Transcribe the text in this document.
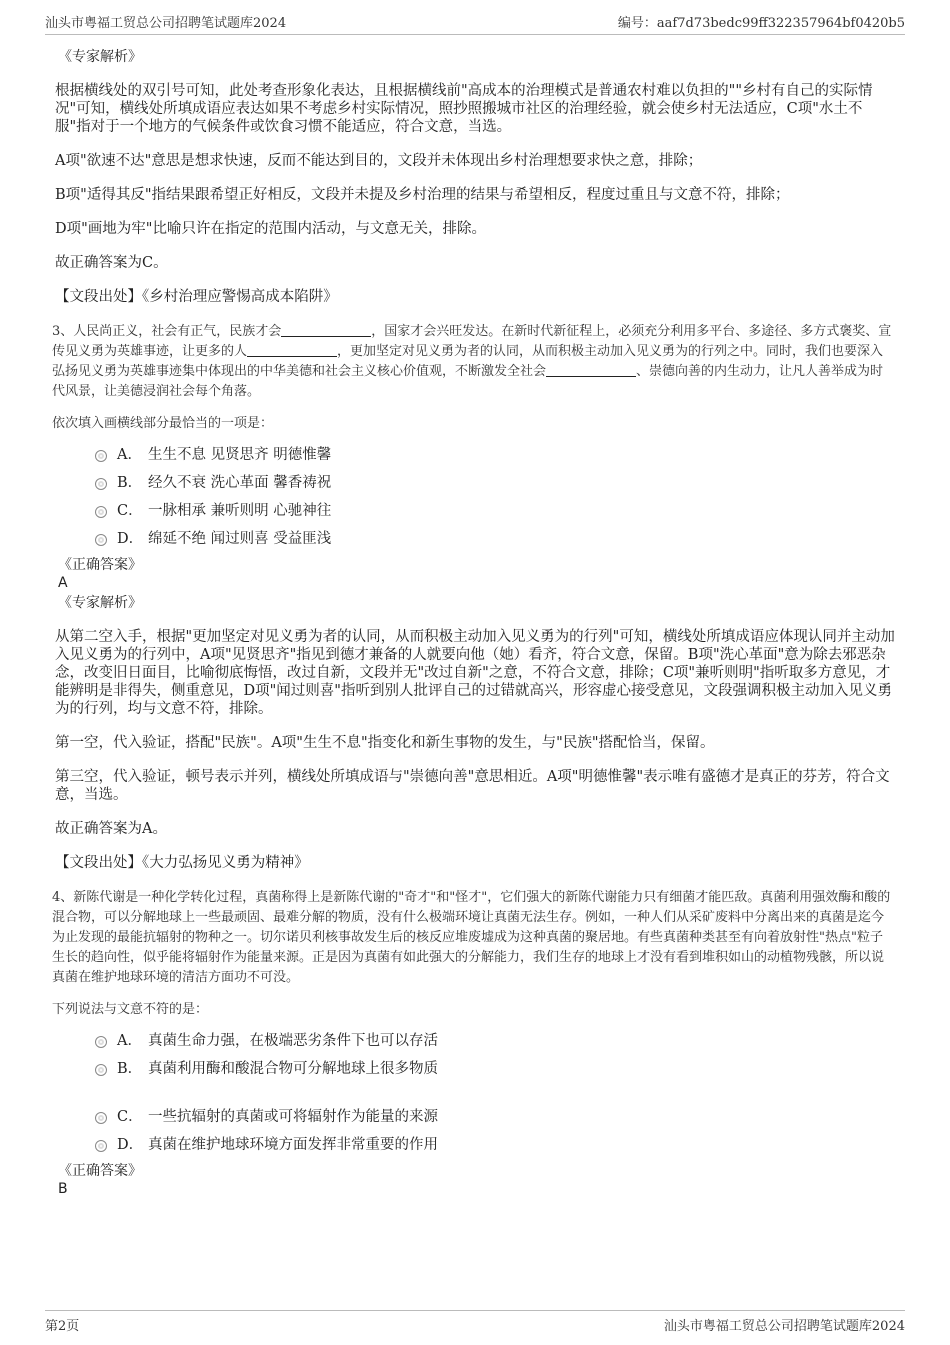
汕头市粤福工贸总公司招聘笔试题库2024	编号：aaf7d73bedc99ff322357964bf0420b5

《专家解析》

根据横线处的双引号可知，此处考查形象化表达，且根据横线前"高成本的治理模式是普通农村难以负担的""乡村有自己的实际情况"可知，横线处所填成语应表达如果不考虑乡村实际情况，照抄照搬城市社区的治理经验，就会使乡村无法适应，C项"水土不服"指对于一个地方的气候条件或饮食习惯不能适应，符合文意，当选。

A项"欲速不达"意思是想求快速，反而不能达到目的，文段并未体现出乡村治理想要求快之意，排除；

B项"适得其反"指结果跟希望正好相反，文段并未提及乡村治理的结果与希望相反，程度过重且与文意不符，排除；

D项"画地为牢"比喻只许在指定的范围内活动，与文意无关，排除。

故正确答案为C。

【文段出处】《乡村治理应警惕高成本陷阱》

3、人民尚正义，社会有正气，民族才会	，国家才会兴旺发达。在新时代新征程上，必须充分利用多平台、多途径、多方式褒奖、宣传见义勇为英雄事迹，让更多的人	，更加坚定对见义勇为者的认同，从而积极主动加入见义勇为的行列之中。同时，我们也要深入弘扬见义勇为英雄事迹集中体现出的中华美德和社会主义核心价值观，不断激发全社会	、崇德向善的内生动力，让凡人善举成为时代风景，让美德浸润社会每个角落。

依次填入画横线部分最恰当的一项是：

A． 生生不息 见贤思齐 明德惟馨
B． 经久不衰 洗心革面 馨香祷祝
C． 一脉相承 兼听则明 心驰神往
D． 绵延不绝 闻过则喜 受益匪浅

《正确答案》

A

《专家解析》

从第二空入手，根据"更加坚定对见义勇为者的认同，从而积极主动加入见义勇为的行列"可知，横线处所填成语应体现认同并主动加入见义勇为的行列中，A项"见贤思齐"指见到德才兼备的人就要向他（她）看齐，符合文意，保留。B项"洗心革面"意为除去邪恶杂念，改变旧日面目，比喻彻底悔悟，改过自新，文段并无"改过自新"之意，不符合文意，排除；C项"兼听则明"指听取多方意见，才能辨明是非得失，侧重意见，D项"闻过则喜"指听到别人批评自己的过错就高兴，形容虚心接受意见，文段强调积极主动加入见义勇为的行列，均与文意不符，排除。

第一空，代入验证，搭配"民族"。A项"生生不息"指变化和新生事物的发生，与"民族"搭配恰当，保留。

第三空，代入验证，顿号表示并列，横线处所填成语与"崇德向善"意思相近。A项"明德惟馨"表示唯有盛德才是真正的芬芳，符合文意，当选。

故正确答案为A。

【文段出处】《大力弘扬见义勇为精神》

4、新陈代谢是一种化学转化过程，真菌称得上是新陈代谢的"奇才"和"怪才"，它们强大的新陈代谢能力只有细菌才能匹敌。真菌利用强效酶和酸的混合物，可以分解地球上一些最顽固、最难分解的物质，没有什么极端环境让真菌无法生存。例如，一种人们从采矿废料中分离出来的真菌是迄今为止发现的最能抗辐射的物种之一。切尔诺贝利核事故发生后的核反应堆废墟成为这种真菌的聚居地。有些真菌种类甚至有向着放射性"热点"粒子生长的趋向性，似乎能将辐射作为能量来源。正是因为真菌有如此强大的分解能力，我们生存的地球上才没有看到堆积如山的动植物残骸，所以说真菌在维护地球环境的清洁方面功不可没。

下列说法与文意不符的是：

A． 真菌生命力强，在极端恶劣条件下也可以存活
B． 真菌利用酶和酸混合物可分解地球上很多物质
C． 一些抗辐射的真菌或可将辐射作为能量的来源
D． 真菌在维护地球环境方面发挥非常重要的作用

《正确答案》

B

第2页	汕头市粤福工贸总公司招聘笔试题库2024
